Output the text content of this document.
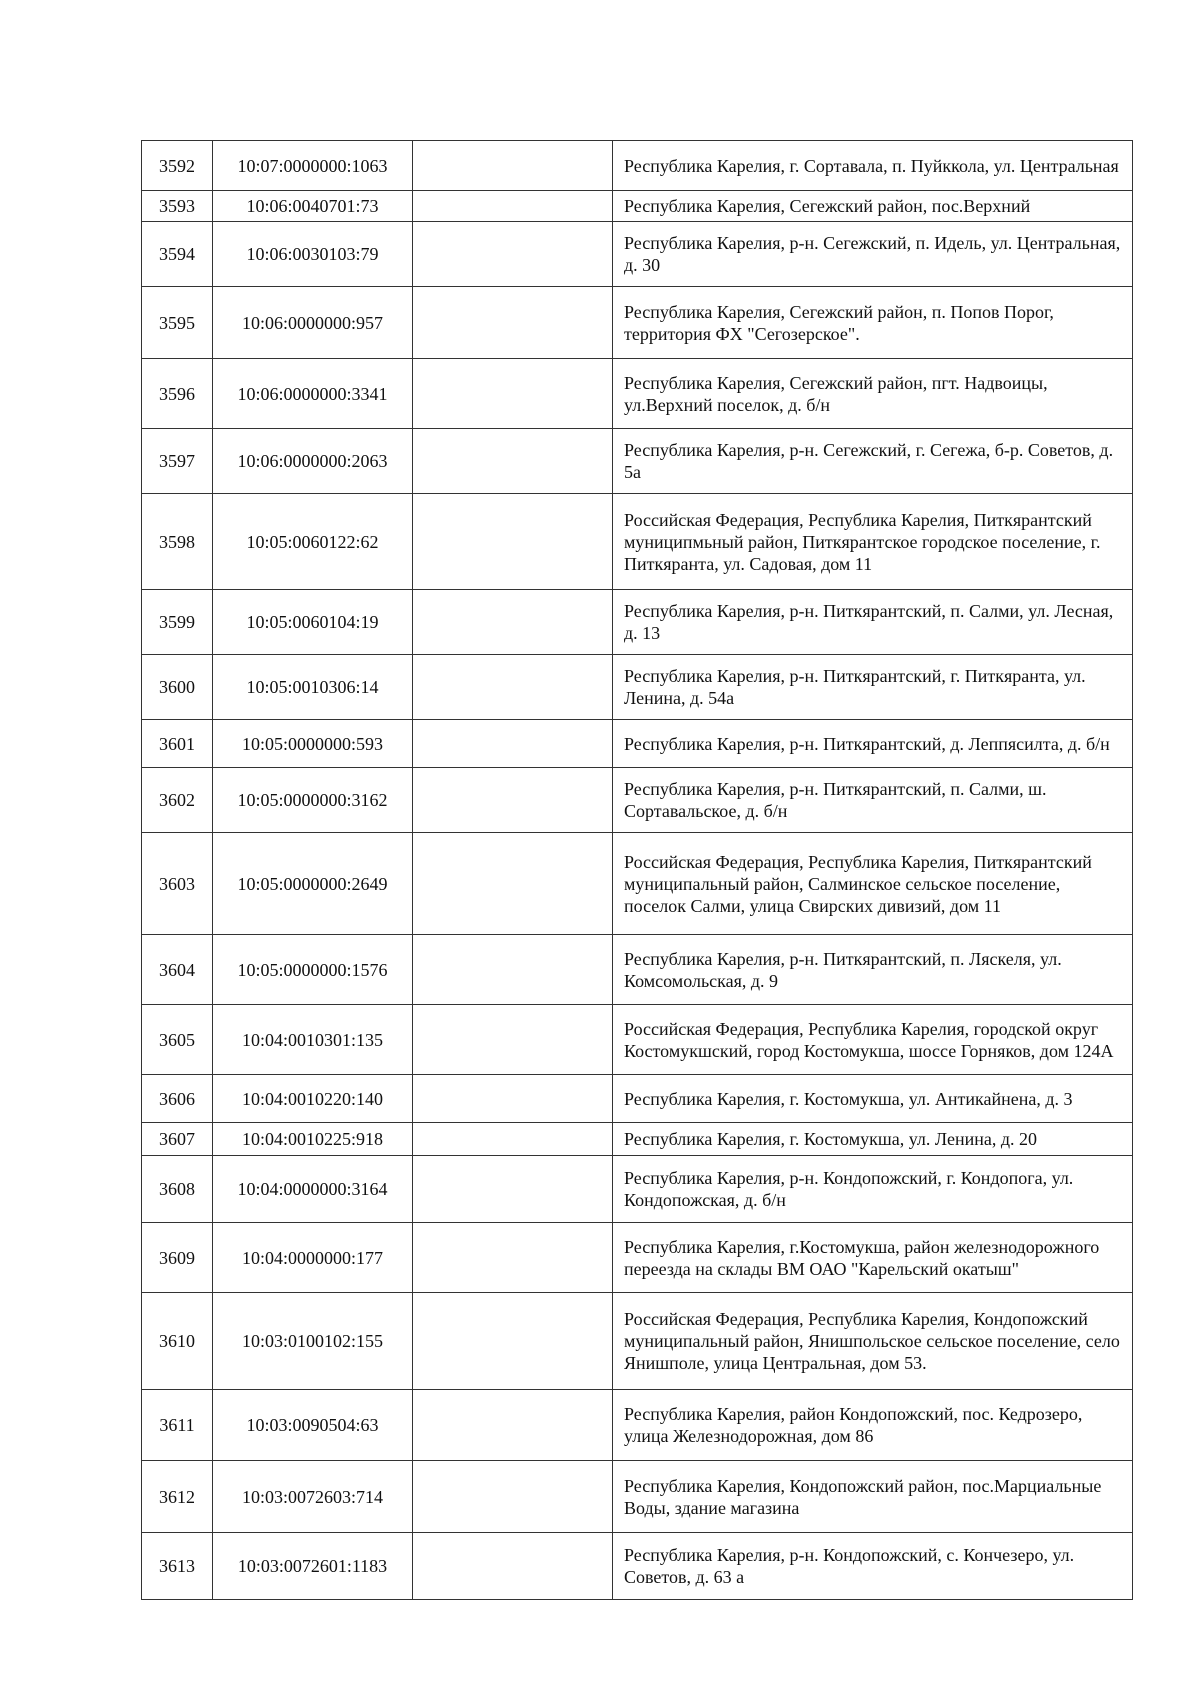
3592	10:07:0000000:1063		Республика Карелия, г. Сортавала, п. Пуйккола, ул. Центральная
3593	10:06:0040701:73		Республика Карелия, Сегежский район, пос.Верхний
3594	10:06:0030103:79		Республика Карелия, р-н. Сегежский, п. Идель, ул. Центральная, д. 30
3595	10:06:0000000:957		Республика Карелия, Сегежский район, п. Попов Порог, территория ФХ "Сегозерское".
3596	10:06:0000000:3341		Республика Карелия, Сегежский район, пгт. Надвоицы, ул.Верхний поселок, д. б/н
3597	10:06:0000000:2063		Республика Карелия, р-н. Сегежский, г. Сегежа, б-р. Советов, д. 5а
3598	10:05:0060122:62		Российская Федерация, Республика Карелия, Питкярантский муниципмьный район, Питкярантское городское поселение, г. Питкяранта, ул. Садовая, дом 11
3599	10:05:0060104:19		Республика Карелия, р-н. Питкярантский, п. Салми, ул. Лесная, д. 13
3600	10:05:0010306:14		Республика Карелия, р-н. Питкярантский, г. Питкяранта, ул. Ленина, д. 54а
3601	10:05:0000000:593		Республика Карелия, р-н. Питкярантский, д. Леппясилта, д. б/н
3602	10:05:0000000:3162		Республика Карелия, р-н. Питкярантский, п. Салми, ш. Сортавальское, д. б/н
3603	10:05:0000000:2649		Российская Федерация, Республика Карелия, Питкярантский муниципальный район, Салминское сельское поселение, поселок Салми, улица Свирских дивизий, дом 11
3604	10:05:0000000:1576		Республика Карелия, р-н. Питкярантский, п. Ляскеля, ул. Комсомольская, д. 9
3605	10:04:0010301:135		Российская Федерация, Республика Карелия, городской округ Костомукшский, город Костомукша, шоссе Горняков, дом 124А
3606	10:04:0010220:140		Республика Карелия, г. Костомукша, ул. Антикайнена, д. 3
3607	10:04:0010225:918		Республика Карелия, г. Костомукша, ул. Ленина, д. 20
3608	10:04:0000000:3164		Республика Карелия, р-н. Кондопожский, г. Кондопога, ул. Кондопожская, д. б/н
3609	10:04:0000000:177		Республика Карелия, г.Костомукша, район железнодорожного переезда на склады ВМ ОАО "Карельский окатыш"
3610	10:03:0100102:155		Российская Федерация, Республика Карелия, Кондопожский муниципальный район, Янишпольское сельское поселение, село Янишполе, улица Центральная, дом 53.
3611	10:03:0090504:63		Республика Карелия, район Кондопожский, пос. Кедрозеро, улица Железнодорожная, дом 86
3612	10:03:0072603:714		Республика Карелия, Кондопожский район, пос.Марциальные Воды, здание магазина
3613	10:03:0072601:1183		Республика Карелия, р-н. Кондопожский, с. Кончезеро, ул. Советов, д. 63 а
